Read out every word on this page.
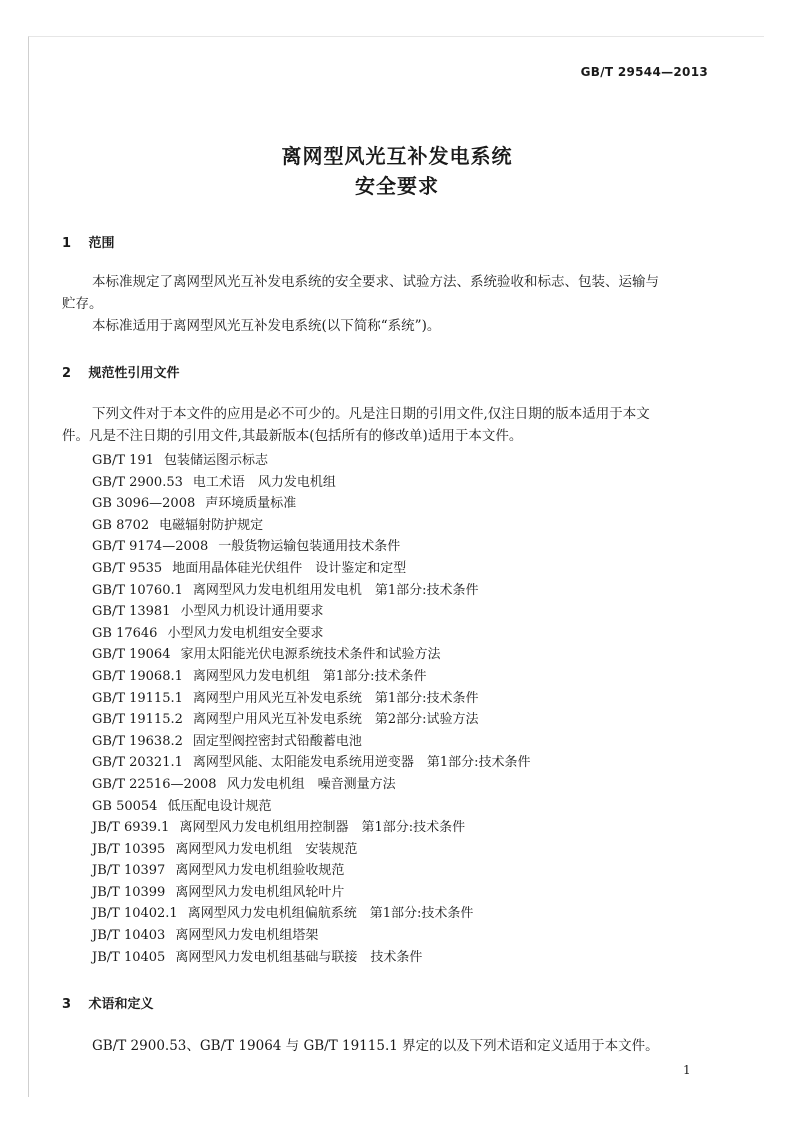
GB/T 29544—2013
离网型风光互补发电系统
安全要求
1 范围
本标准规定了离网型风光互补发电系统的安全要求、试验方法、系统验收和标志、包装、运输与
贮存。
本标准适用于离网型风光互补发电系统(以下简称“系统”)。
2 规范性引用文件
下列文件对于本文件的应用是必不可少的。凡是注日期的引用文件,仅注日期的版本适用于本文
件。凡是不注日期的引用文件,其最新版本(包括所有的修改单)适用于本文件。
GB/T 191 包装储运图示标志
GB/T 2900.53 电工术语　风力发电机组
GB 3096—2008 声环境质量标准
GB 8702 电磁辐射防护规定
GB/T 9174—2008 一般货物运输包装通用技术条件
GB/T 9535 地面用晶体硅光伏组件　设计鉴定和定型
GB/T 10760.1 离网型风力发电机组用发电机　第1部分:技术条件
GB/T 13981 小型风力机设计通用要求
GB 17646 小型风力发电机组安全要求
GB/T 19064 家用太阳能光伏电源系统技术条件和试验方法
GB/T 19068.1 离网型风力发电机组　第1部分:技术条件
GB/T 19115.1 离网型户用风光互补发电系统　第1部分:技术条件
GB/T 19115.2 离网型户用风光互补发电系统　第2部分:试验方法
GB/T 19638.2 固定型阀控密封式铅酸蓄电池
GB/T 20321.1 离网型风能、太阳能发电系统用逆变器　第1部分:技术条件
GB/T 22516—2008 风力发电机组　噪音测量方法
GB 50054 低压配电设计规范
JB/T 6939.1 离网型风力发电机组用控制器　第1部分:技术条件
JB/T 10395 离网型风力发电机组　安装规范
JB/T 10397 离网型风力发电机组验收规范
JB/T 10399 离网型风力发电机组风轮叶片
JB/T 10402.1 离网型风力发电机组偏航系统　第1部分:技术条件
JB/T 10403 离网型风力发电机组塔架
JB/T 10405 离网型风力发电机组基础与联接　技术条件
3 术语和定义
GB/T 2900.53、GB/T 19064 与 GB/T 19115.1 界定的以及下列术语和定义适用于本文件。
1
